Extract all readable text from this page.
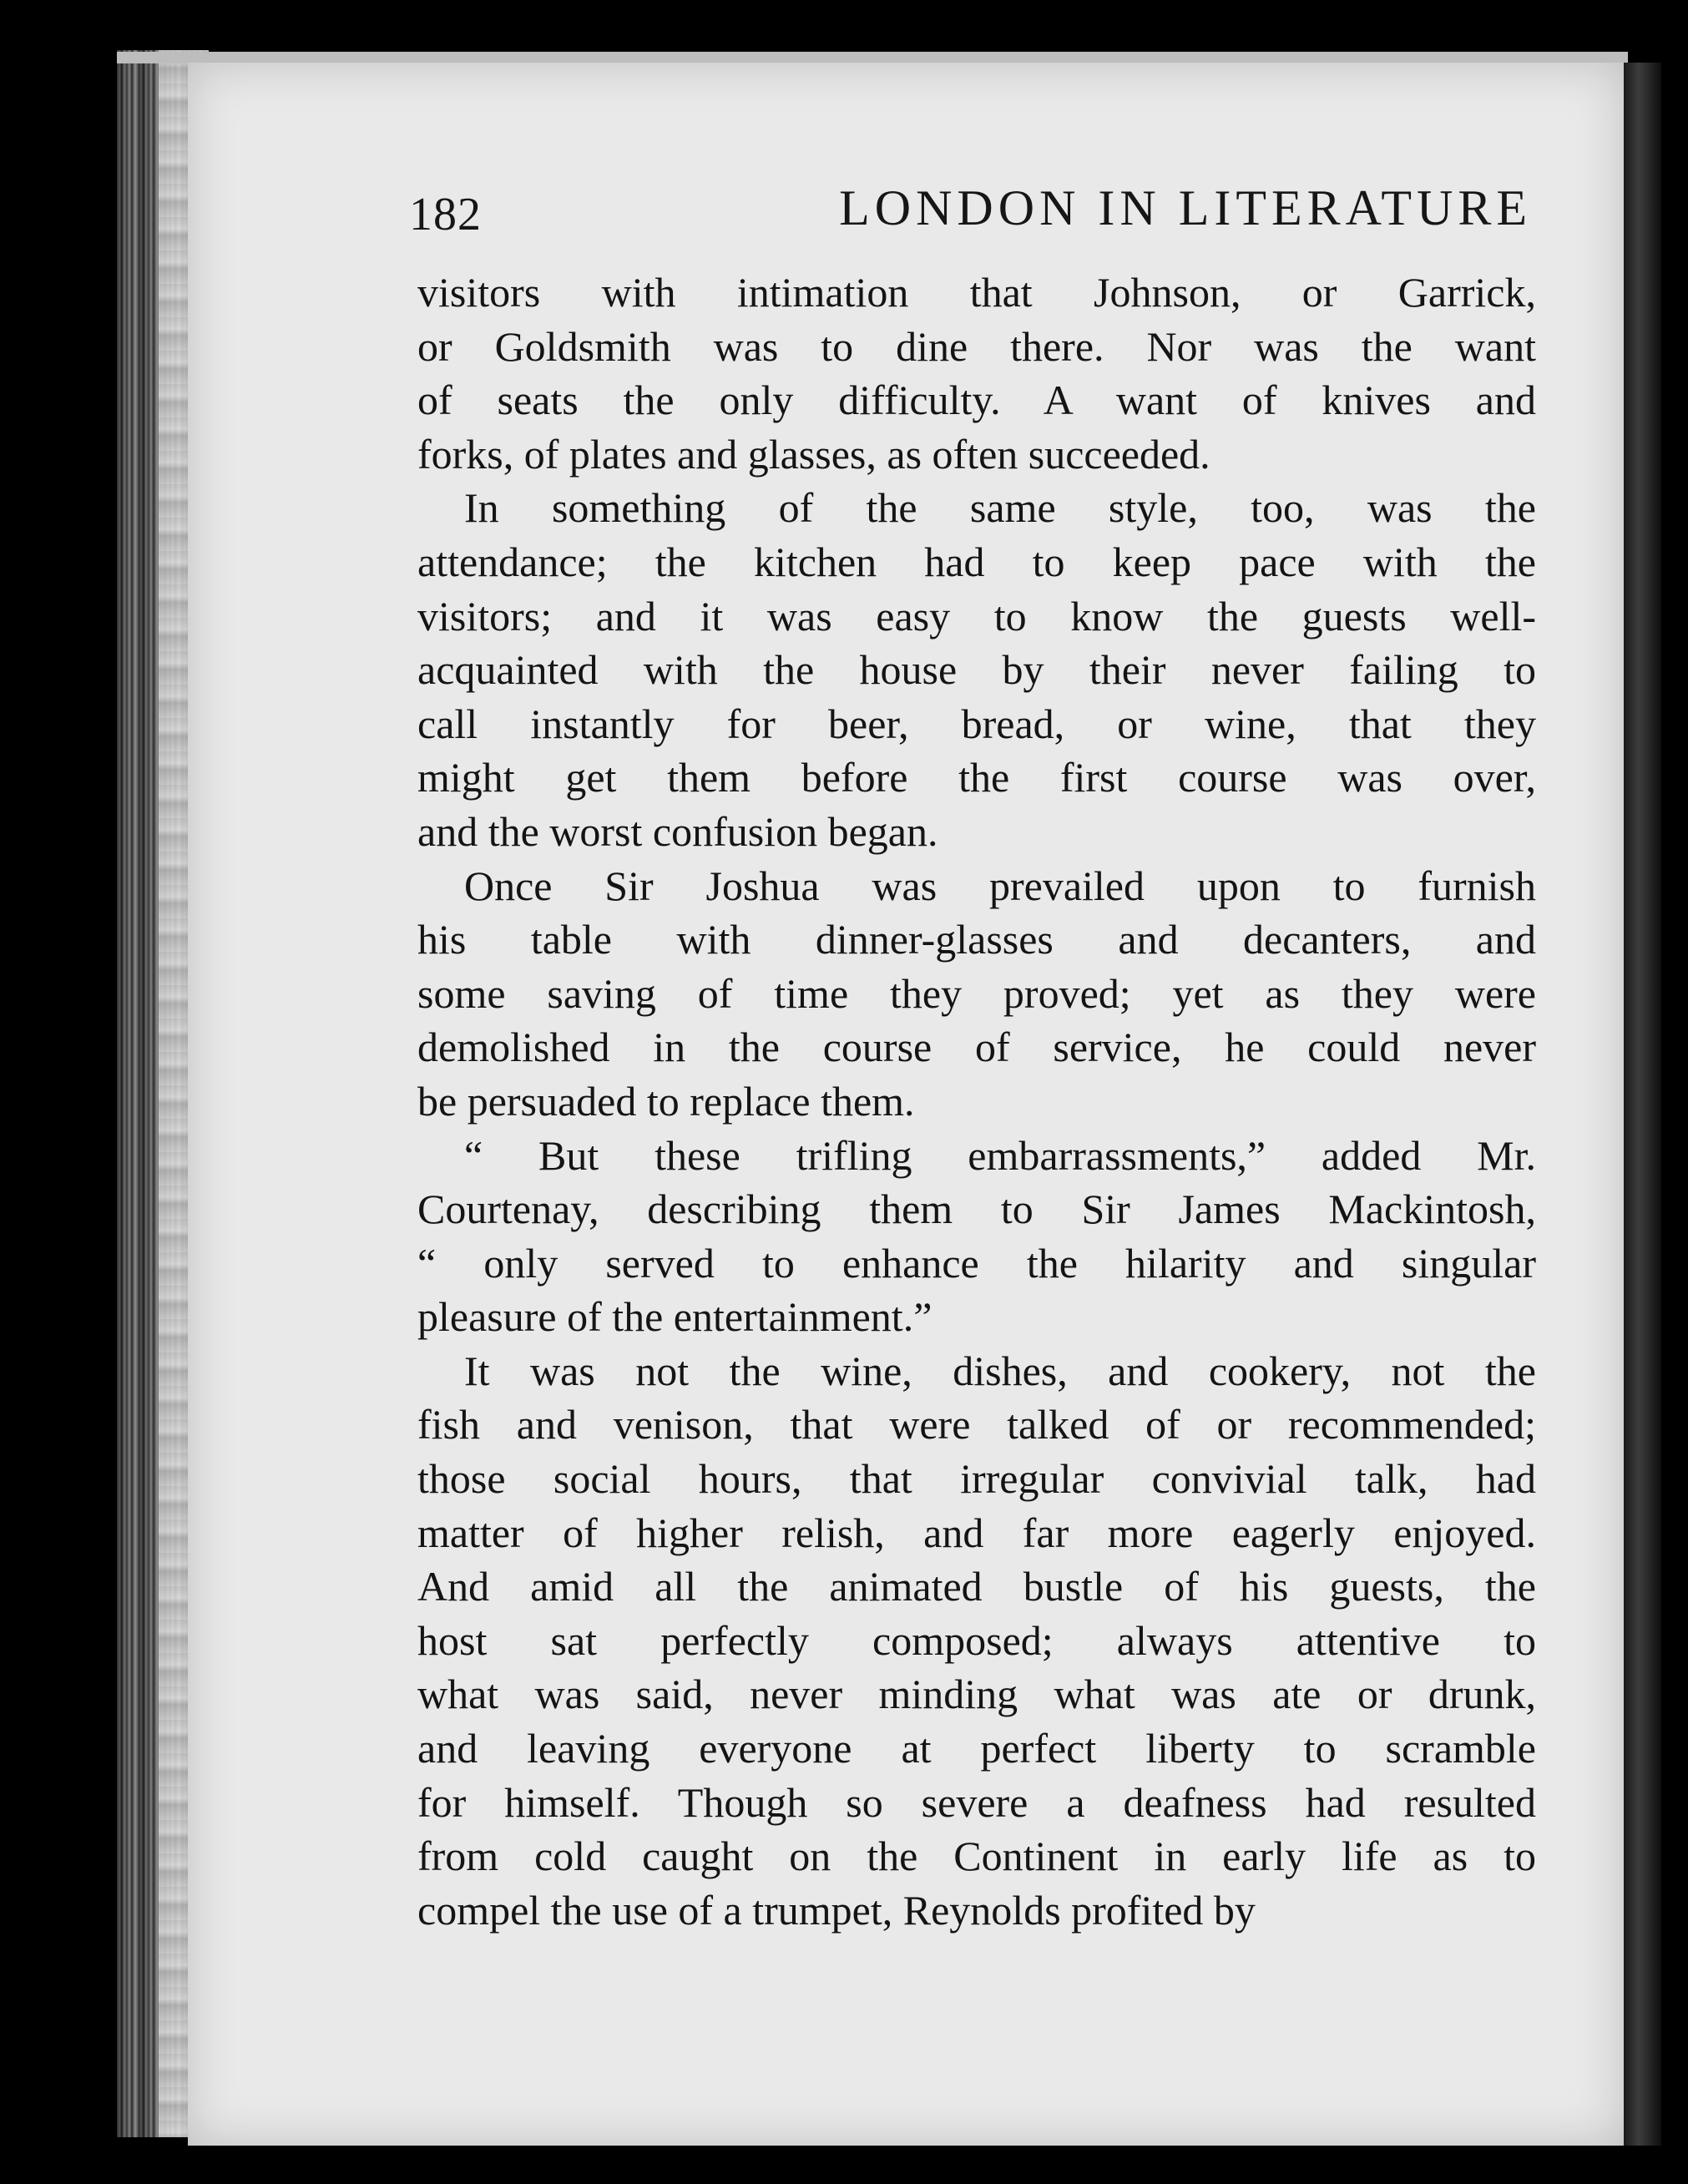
182	LONDON IN LITERATURE
visitors with intimation that Johnson, or Garrick,
or Goldsmith was to dine there. Nor was the want
of seats the only difficulty. A want of knives and
forks, of plates and glasses, as often succeeded.
In something of the same style, too, was the
attendance; the kitchen had to keep pace with the
visitors; and it was easy to know the guests well-
acquainted with the house by their never failing to
call instantly for beer, bread, or wine, that they
might get them before the first course was over,
and the worst confusion began.
Once Sir Joshua was prevailed upon to furnish
his table with dinner-glasses and decanters, and
some saving of time they proved; yet as they were
demolished in the course of service, he could never
be persuaded to replace them.
“ But these trifling embarrassments,” added Mr.
Courtenay, describing them to Sir James Mackintosh,
“ only served to enhance the hilarity and singular
pleasure of the entertainment.”
It was not the wine, dishes, and cookery, not the
fish and venison, that were talked of or recommended;
those social hours, that irregular convivial talk, had
matter of higher relish, and far more eagerly enjoyed.
And amid all the animated bustle of his guests, the
host sat perfectly composed; always attentive to
what was said, never minding what was ate or drunk,
and leaving everyone at perfect liberty to scramble
for himself. Though so severe a deafness had resulted
from cold caught on the Continent in early life as to
compel the use of a trumpet, Reynolds profited by
